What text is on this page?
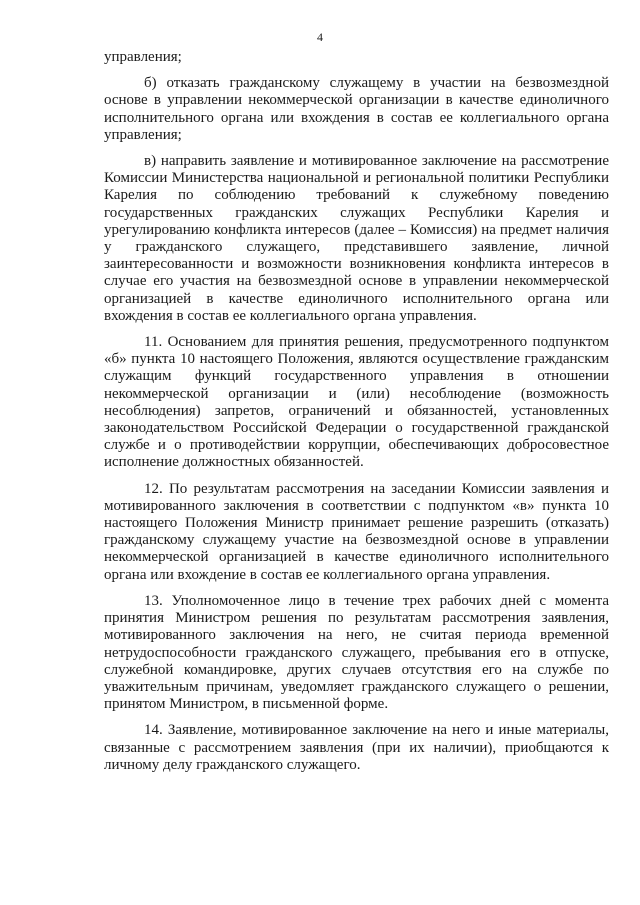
4

управления;

б) отказать гражданскому служащему в участии на безвозмездной основе в управлении некоммерческой организации в качестве единоличного исполнительного органа или вхождения в состав ее коллегиального органа управления;

в) направить заявление и мотивированное заключение на рассмотрение Комиссии Министерства национальной и региональной политики Республики Карелия по соблюдению требований к служебному поведению государственных гражданских служащих Республики Карелия и урегулированию конфликта интересов (далее – Комиссия) на предмет наличия у гражданского служащего, представившего заявление, личной заинтересованности и возможности возникновения конфликта интересов в случае его участия на безвозмездной основе в управлении некоммерческой организацией в качестве единоличного исполнительного органа или вхождения в состав ее коллегиального органа управления.

11. Основанием для принятия решения, предусмотренного подпунктом «б» пункта 10 настоящего Положения, являются осуществление гражданским служащим функций государственного управления в отношении некоммерческой организации и (или) несоблюдение (возможность несоблюдения) запретов, ограничений и обязанностей, установленных законодательством Российской Федерации о государственной гражданской службе и о противодействии коррупции, обеспечивающих добросовестное исполнение должностных обязанностей.

12. По результатам рассмотрения на заседании Комиссии заявления и мотивированного заключения в соответствии с подпунктом «в» пункта 10 настоящего Положения Министр принимает решение разрешить (отказать) гражданскому служащему участие на безвозмездной основе в управлении некоммерческой организацией в качестве единоличного исполнительного органа или вхождение в состав ее коллегиального органа управления.

13. Уполномоченное лицо в течение трех рабочих дней с момента принятия Министром решения по результатам рассмотрения заявления, мотивированного заключения на него, не считая периода временной нетрудоспособности гражданского служащего, пребывания его в отпуске, служебной командировке, других случаев отсутствия его на службе по уважительным причинам, уведомляет гражданского служащего о решении, принятом Министром, в письменной форме.

14. Заявление, мотивированное заключение на него и иные материалы, связанные с рассмотрением заявления (при их наличии), приобщаются к личному делу гражданского служащего.
